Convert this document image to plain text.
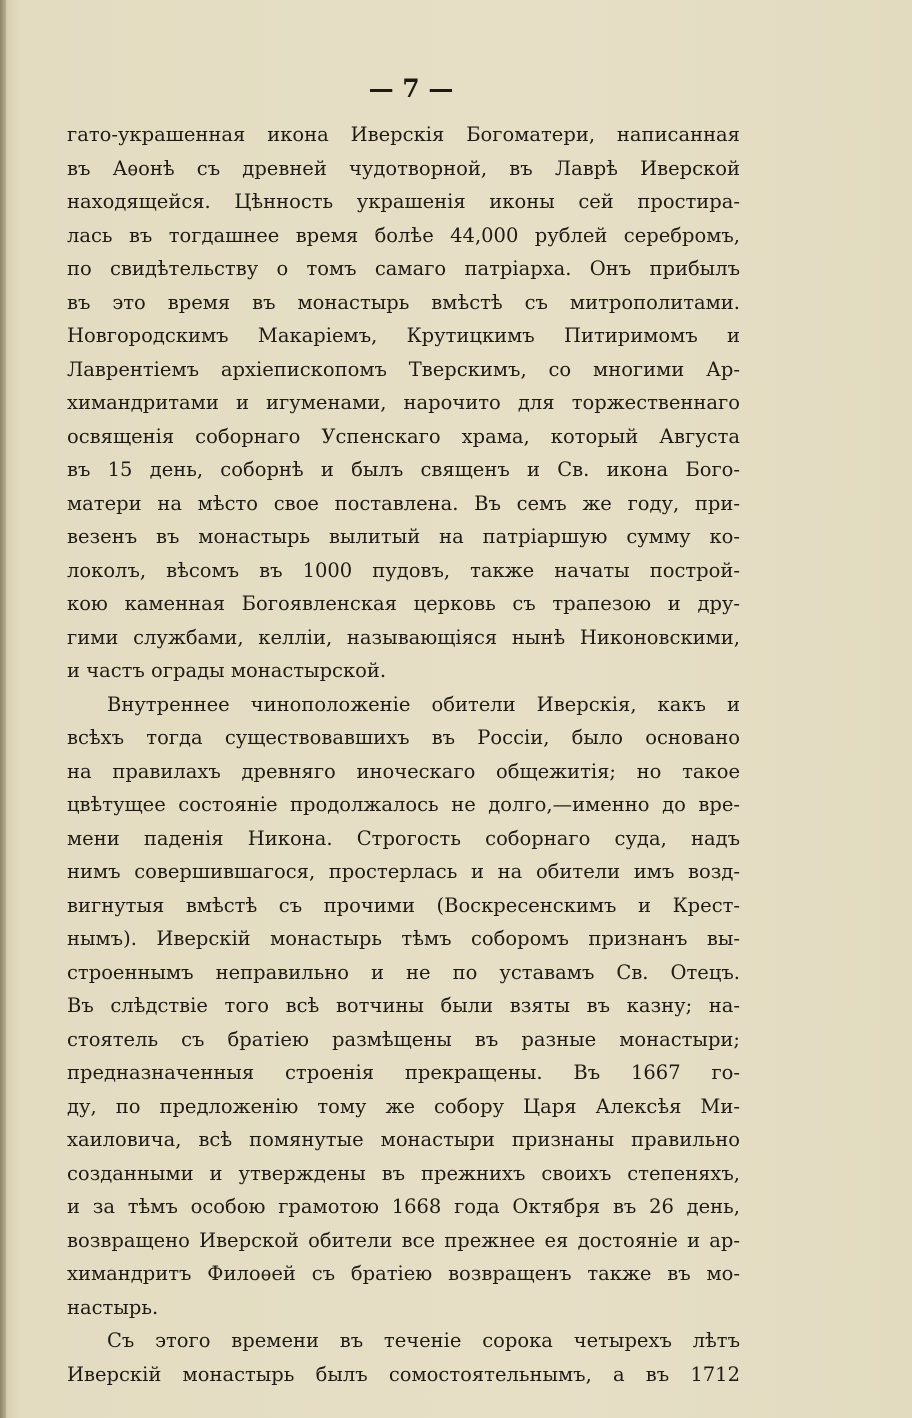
— 7 —
гато-украшенная икона Иверскія Богоматери, написанная
въ Аѳонѣ съ древней чудотворной, въ Лаврѣ Иверской
находящейся. Цѣнность украшенія иконы сей простира-
лась въ тогдашнее время болѣе 44,000 рублей серебромъ,
по свидѣтельству о томъ самаго патріарха. Онъ прибылъ
въ это время въ монастырь вмѣстѣ съ митрополитами.
Новгородскимъ Макаріемъ, Крутицкимъ Питиримомъ и
Лаврентіемъ архіепископомъ Тверскимъ, со многими Ар-
химандритами и игуменами, нарочито для торжественнаго
освященія соборнаго Успенскаго храма, который Августа
въ 15 день, соборнѣ и былъ священъ и Св. икона Бого-
матери на мѣсто свое поставлена. Въ семъ же году, при-
везенъ въ монастырь вылитый на патріаршую сумму ко-
локолъ, вѣсомъ въ 1000 пудовъ, также начаты построй-
кою каменная Богоявленская церковь съ трапезою и дру-
гими службами, келліи, называющіяся нынѣ Никоновскими,
и частъ ограды монастырской.
Внутреннее чиноположеніе обители Иверскія, какъ и
всѣхъ тогда существовавшихъ въ Россіи, было основано
на правилахъ древняго иноческаго общежитія; но такое
цвѣтущее состояніе продолжалось не долго,—именно до вре-
мени паденія Никона. Строгость соборнаго суда, надъ
нимъ совершившагося, простерлась и на обители имъ возд-
вигнутыя вмѣстѣ съ прочими (Воскресенскимъ и Крест-
нымъ). Иверскій монастырь тѣмъ соборомъ признанъ вы-
строеннымъ неправильно и не по уставамъ Св. Отецъ.
Въ слѣдствіе того всѣ вотчины были взяты въ казну; на-
стоятель съ братіею размѣщены въ разные монастыри;
предназначенныя строенія прекращены. Въ 1667 го-
ду, по предложенію тому же собору Царя Алексѣя Ми-
хаиловича, всѣ помянутые монастыри признаны правильно
созданными и утверждены въ прежнихъ своихъ степеняхъ,
и за тѣмъ особою грамотою 1668 года Октября въ 26 день,
возвращено Иверской обители все прежнее ея достояніе и ар-
химандритъ Филоѳей съ братіею возвращенъ также въ мо-
настырь.
Съ этого времени въ теченіе сорока четырехъ лѣтъ
Иверскій монастырь былъ сомостоятельнымъ, а въ 1712
